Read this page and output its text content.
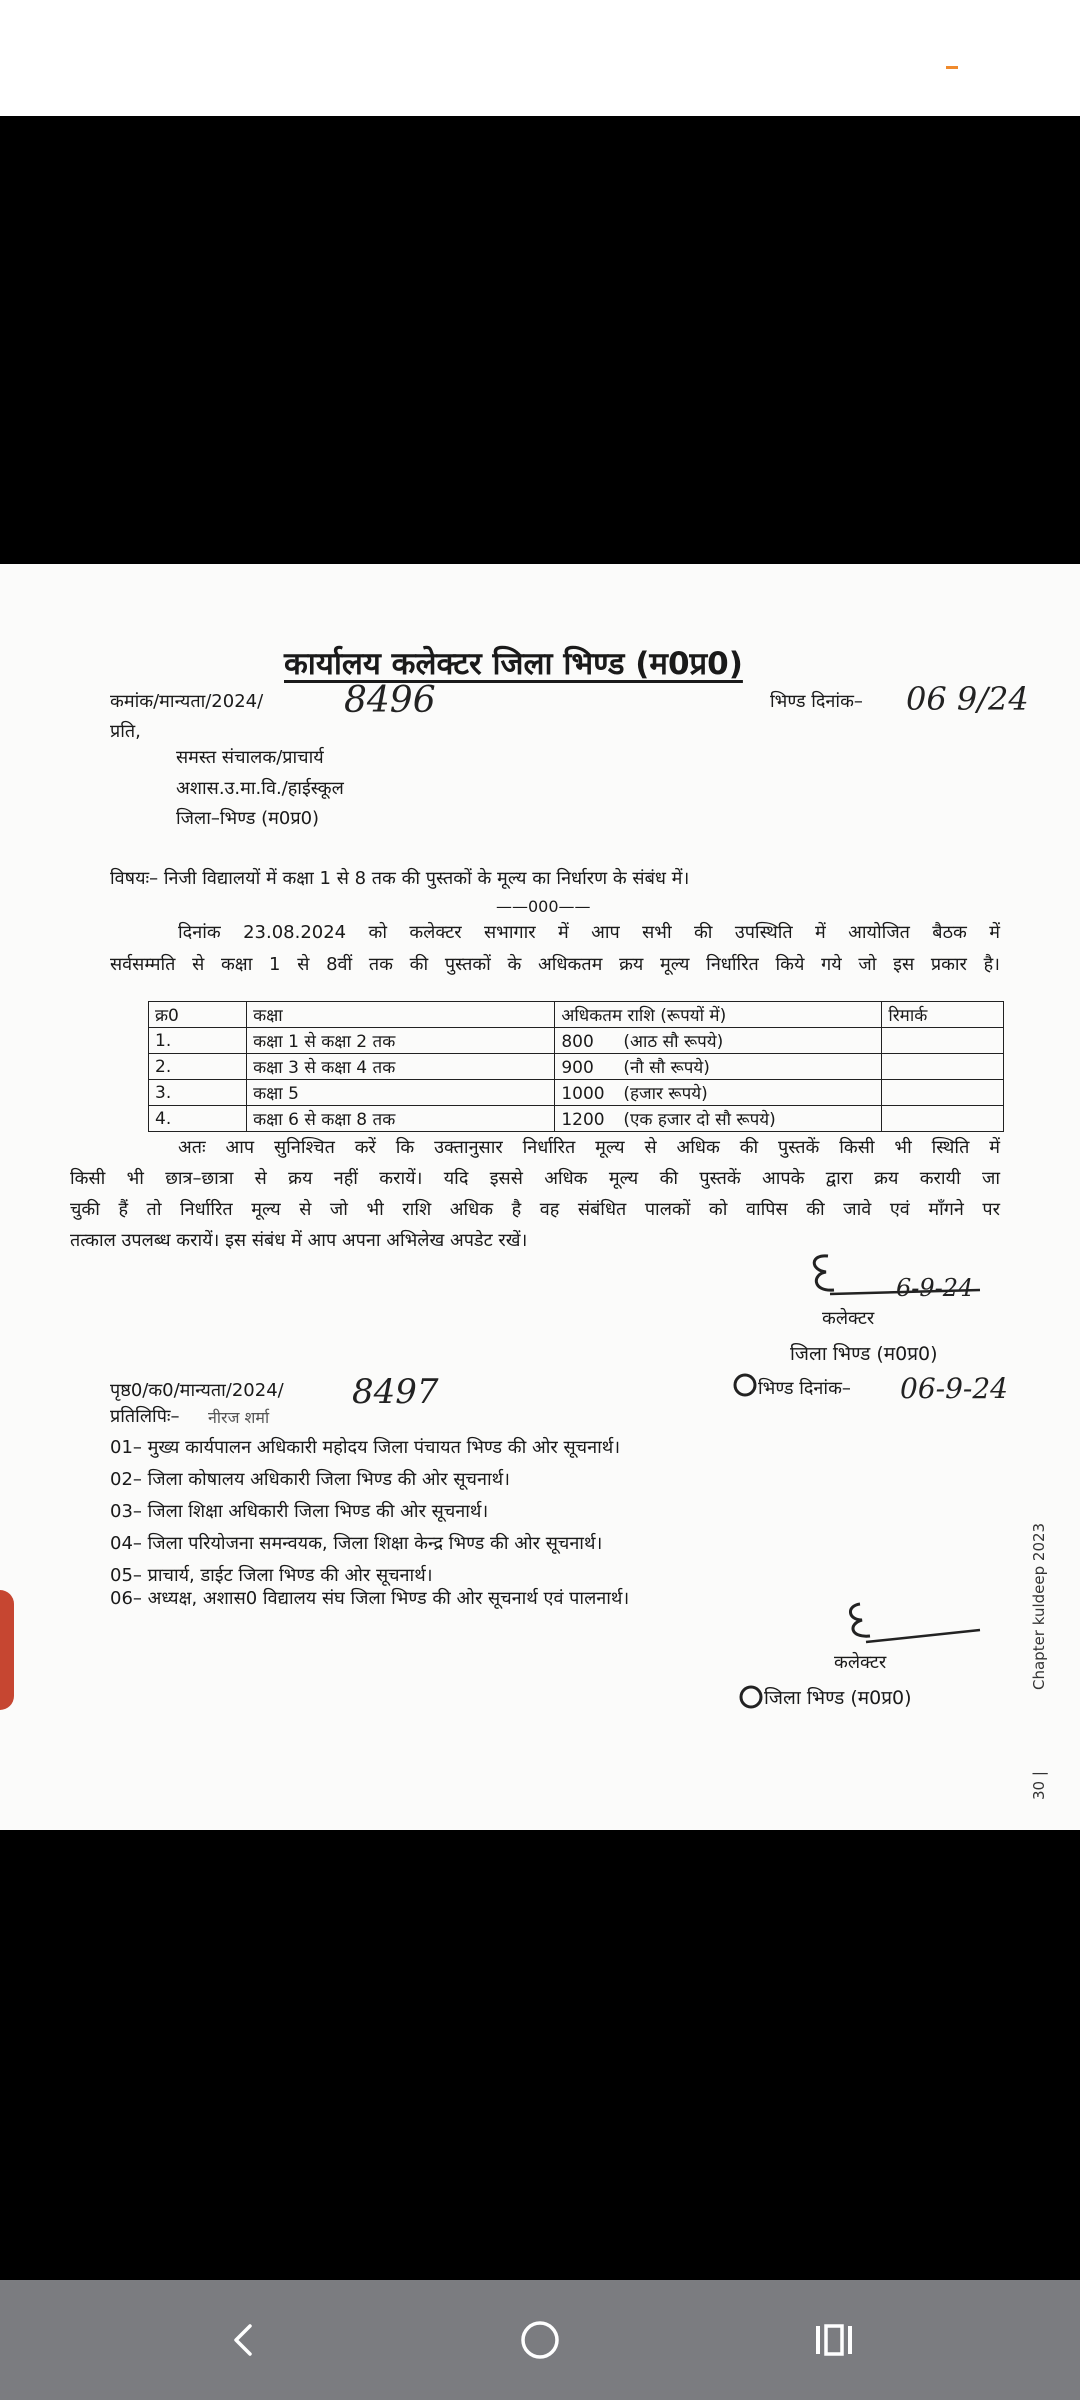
कार्यालय कलेक्टर जिला भिण्ड (म0प्र0)
कमांक/मान्यता/2024/ 8496	भिण्ड दिनांक– 06 9/24
प्रति,
समस्त संचालक/प्राचार्य
अशास.उ.मा.वि./हाईस्कूल
जिला–भिण्ड (म0प्र0)
विषयः– निजी विद्यालयों में कक्षा 1 से 8 तक की पुस्तकों के मूल्य का निर्धारण के संबंध में।
——000——
दिनांक 23.08.2024 को कलेक्टर सभागार में आप सभी की उपस्थिति में आयोजित बैठक में
सर्वसम्मति से कक्षा 1 से 8वीं तक की पुस्तकों के अधिकतम क्रय मूल्य निर्धारित किये गये जो इस प्रकार है।
क्र0	कक्षा	अधिकतम राशि (रूपयों में)	रिमार्क
1.	कक्षा 1 से कक्षा 2 तक	800 (आठ सौ रूपये)	
2.	कक्षा 3 से कक्षा 4 तक	900 (नौ सौ रूपये)	
3.	कक्षा 5	1000 (हजार रूपये)	
4.	कक्षा 6 से कक्षा 8 तक	1200 (एक हजार दो सौ रूपये)	
अतः आप सुनिश्चित करें कि उक्तानुसार निर्धारित मूल्य से अधिक की पुस्तकें किसी भी स्थिति में
किसी भी छात्र–छात्रा से क्रय नहीं करायें। यदि इससे अधिक मूल्य की पुस्तकें आपके द्वारा क्रय करायी जा
चुकी हैं तो निर्धारित मूल्य से जो भी राशि अधिक है वह संबंधित पालकों को वापिस की जावे एवं माँगने पर
तत्काल उपलब्ध करायें। इस संबंध में आप अपना अभिलेख अपडेट रखें।
6-9-24
कलेक्टर
जिला भिण्ड (म0प्र0)
पृष्ठ0/क0/मान्यता/2024/ 8497	भिण्ड दिनांक– 06-9-24
प्रतिलिपिः– नीरज शर्मा
01– मुख्य कार्यपालन अधिकारी महोदय जिला पंचायत भिण्ड की ओर सूचनार्थ।
02– जिला कोषालय अधिकारी जिला भिण्ड की ओर सूचनार्थ।
03– जिला शिक्षा अधिकारी जिला भिण्ड की ओर सूचनार्थ।
04– जिला परियोजना समन्वयक, जिला शिक्षा केन्द्र भिण्ड की ओर सूचनार्थ।
05– प्राचार्य, डाईट जिला भिण्ड की ओर सूचनार्थ।
06– अध्यक्ष, अशास0 विद्यालय संघ जिला भिण्ड की ओर सूचनार्थ एवं पालनार्थ।
कलेक्टर
जिला भिण्ड (म0प्र0)
30 |
Chapter kuldeep 2023
